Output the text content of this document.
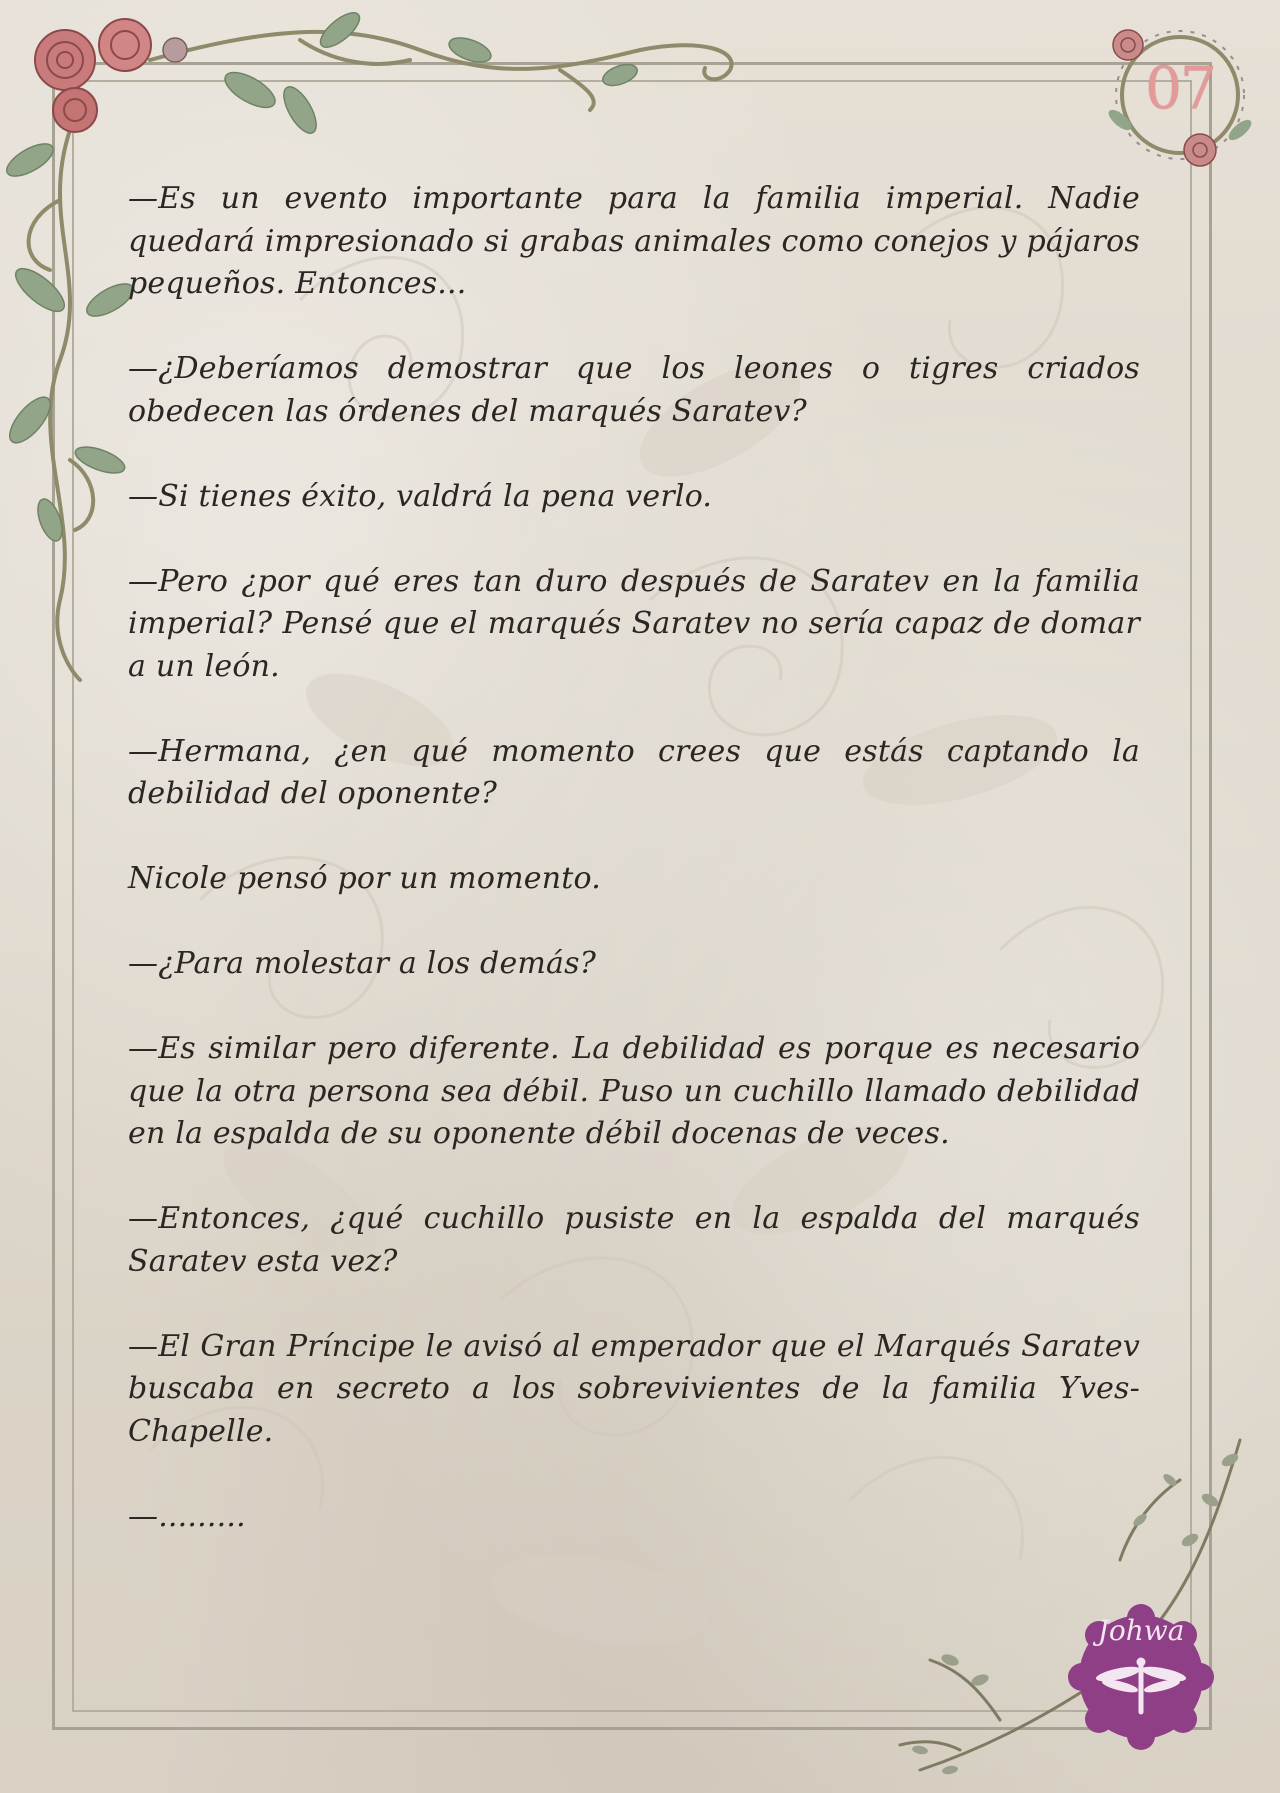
07
Johwa

—Es un evento importante para la familia imperial. Nadie quedará impresionado si grabas animales como conejos y pájaros pequeños. Entonces...

—¿Deberíamos demostrar que los leones o tigres criados obedecen las órdenes del marqués Saratev?

—Si tienes éxito, valdrá la pena verlo.

—Pero ¿por qué eres tan duro después de Saratev en la familia imperial? Pensé que el marqués Saratev no sería capaz de domar a un león.

—Hermana, ¿en qué momento crees que estás captando la debilidad del oponente?

Nicole pensó por un momento.

—¿Para molestar a los demás?

—Es similar pero diferente. La debilidad es porque es necesario que la otra persona sea débil. Puso un cuchillo llamado debilidad en la espalda de su oponente débil docenas de veces.

—Entonces, ¿qué cuchillo pusiste en la espalda del marqués Saratev esta vez?

—El Gran Príncipe le avisó al emperador que el Marqués Saratev buscaba en secreto a los sobrevivientes de la familia Yves-Chapelle.

—.........
